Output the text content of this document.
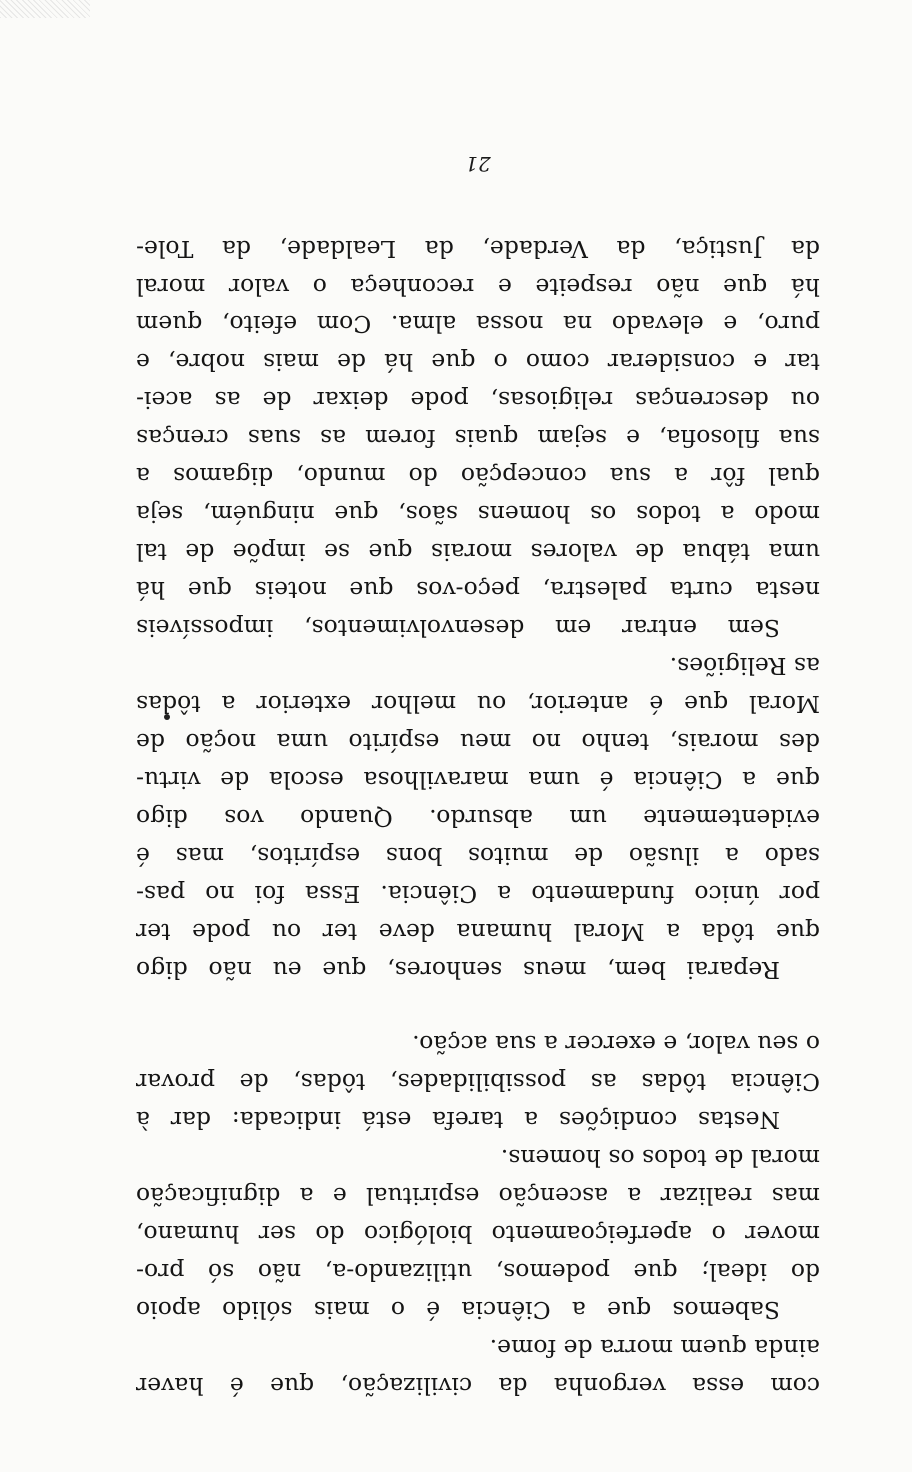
21
da Justiça, da Verdade, da Lealdade, da Tole-
há que não respeite e reconheça o valor moral
puro, e elevado na nossa alma. Com efeito, quem
tar e considerar como o que há de mais nobre, e
ou descrenças religiosas, pode deixar de as acei-
sua filosofia, e sejam quais forem as suas crenças
qual fôr a sua concepção do mundo, digamos a
modo a todos os homens sãos, que ninguém, seja
uma tábua de valores morais que se impõe de tal
nesta curta palestra, peço-vos que noteis que há
Sem entrar em desenvolvimentos, impossíveis
as Religiões.
Moral que é anterior, ou melhor exterior a tôdas
des morais, tenho no meu espírito uma noção de
que a Ciência é uma maravilhosa escola de virtu-
evidentemente um absurdo. Quando vos digo
sado a ilusão de muitos bons espíritos, mas é
por único fundamento a Ciência. Essa foi no pas-
que tôda a Moral humana deve ter ou pode ter
Reparai bem, meus senhores, que eu não digo
o seu valor, e exercer a sua acção.
Ciência tôdas as possibilidades, tôdas, de provar
Nestas condições a tarefa está indicada: dar à
moral de todos os homens.
mas realizar a ascenção espiritual e a dignificação
mover o aperfeiçoamento biológico do ser humano,
do ideal; que podemos, utilizando-a, não só pro-
Sabemos que a Ciência é o mais sólido apoio
ainda quem morra de fome.
com essa vergonha da civilização, que é haver
